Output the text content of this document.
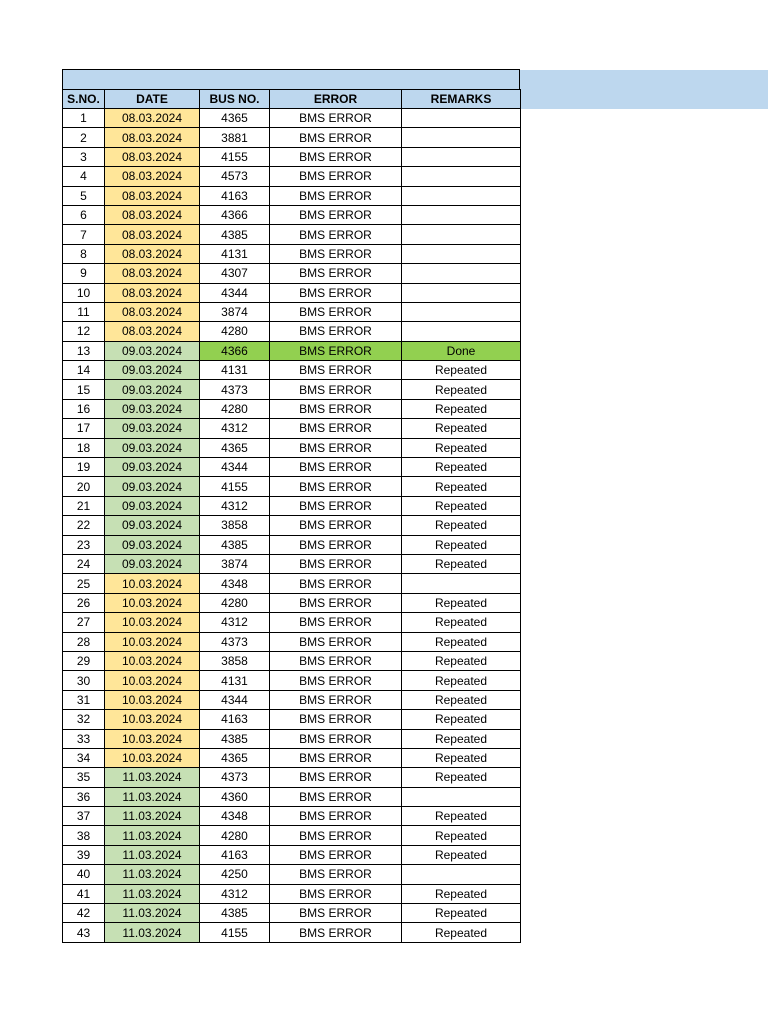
S.NO.	DATE	BUS NO.	ERROR	REMARKS
1	08.03.2024	4365	BMS ERROR	
2	08.03.2024	3881	BMS ERROR	
3	08.03.2024	4155	BMS ERROR	
4	08.03.2024	4573	BMS ERROR	
5	08.03.2024	4163	BMS ERROR	
6	08.03.2024	4366	BMS ERROR	
7	08.03.2024	4385	BMS ERROR	
8	08.03.2024	4131	BMS ERROR	
9	08.03.2024	4307	BMS ERROR	
10	08.03.2024	4344	BMS ERROR	
11	08.03.2024	3874	BMS ERROR	
12	08.03.2024	4280	BMS ERROR	
13	09.03.2024	4366	BMS ERROR	Done
14	09.03.2024	4131	BMS ERROR	Repeated
15	09.03.2024	4373	BMS ERROR	Repeated
16	09.03.2024	4280	BMS ERROR	Repeated
17	09.03.2024	4312	BMS ERROR	Repeated
18	09.03.2024	4365	BMS ERROR	Repeated
19	09.03.2024	4344	BMS ERROR	Repeated
20	09.03.2024	4155	BMS ERROR	Repeated
21	09.03.2024	4312	BMS ERROR	Repeated
22	09.03.2024	3858	BMS ERROR	Repeated
23	09.03.2024	4385	BMS ERROR	Repeated
24	09.03.2024	3874	BMS ERROR	Repeated
25	10.03.2024	4348	BMS ERROR	
26	10.03.2024	4280	BMS ERROR	Repeated
27	10.03.2024	4312	BMS ERROR	Repeated
28	10.03.2024	4373	BMS ERROR	Repeated
29	10.03.2024	3858	BMS ERROR	Repeated
30	10.03.2024	4131	BMS ERROR	Repeated
31	10.03.2024	4344	BMS ERROR	Repeated
32	10.03.2024	4163	BMS ERROR	Repeated
33	10.03.2024	4385	BMS ERROR	Repeated
34	10.03.2024	4365	BMS ERROR	Repeated
35	11.03.2024	4373	BMS ERROR	Repeated
36	11.03.2024	4360	BMS ERROR	
37	11.03.2024	4348	BMS ERROR	Repeated
38	11.03.2024	4280	BMS ERROR	Repeated
39	11.03.2024	4163	BMS ERROR	Repeated
40	11.03.2024	4250	BMS ERROR	
41	11.03.2024	4312	BMS ERROR	Repeated
42	11.03.2024	4385	BMS ERROR	Repeated
43	11.03.2024	4155	BMS ERROR	Repeated
